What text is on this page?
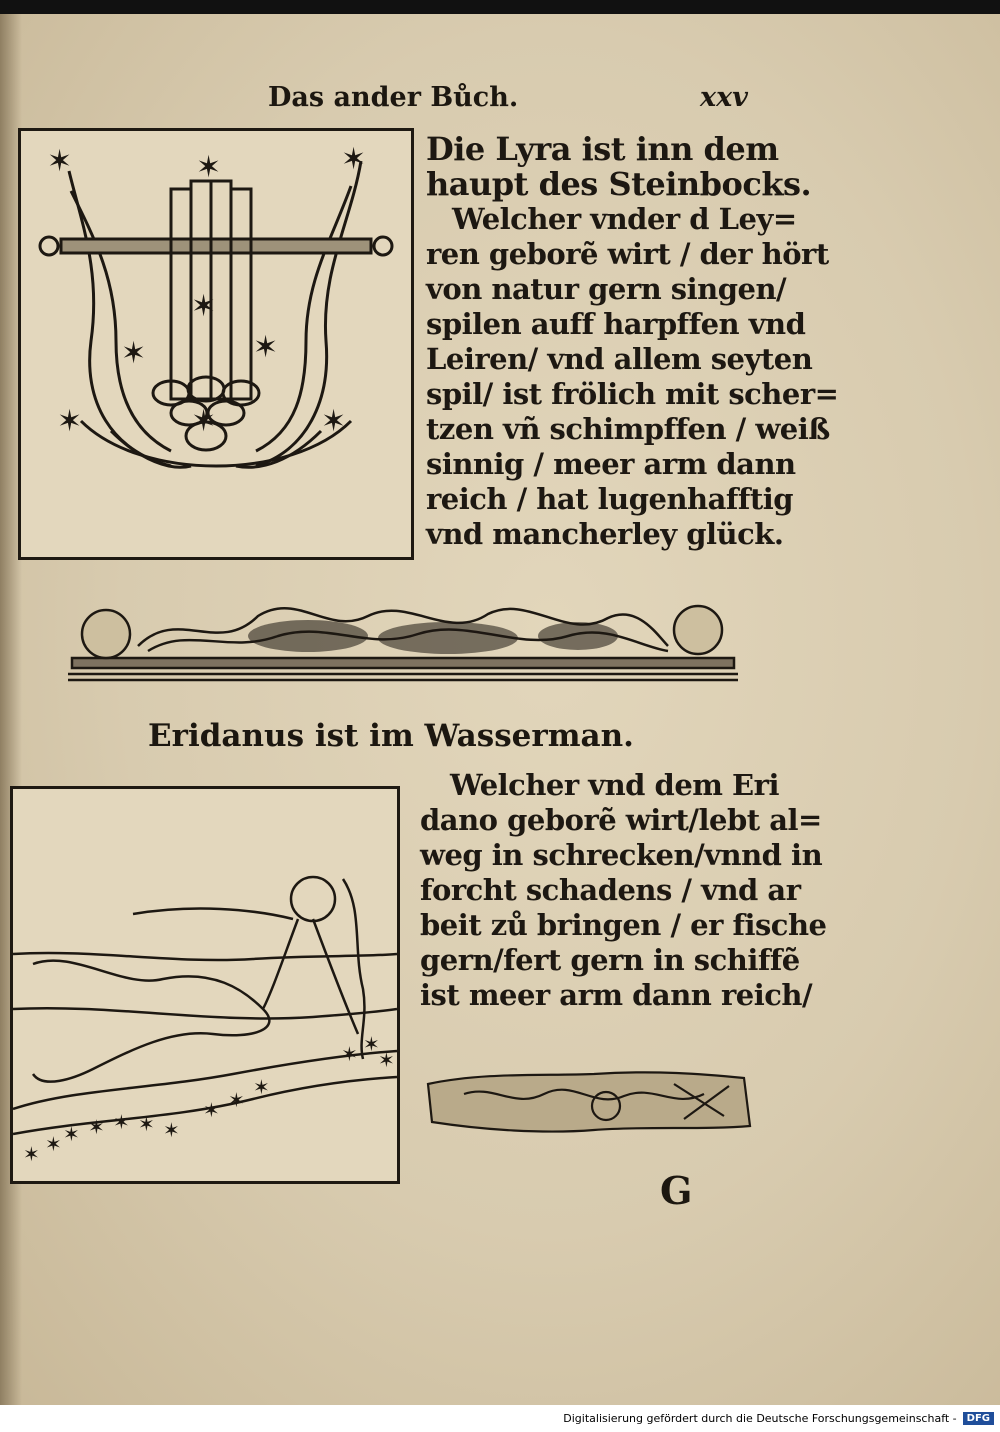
Das ander Bůch.	xxv
✶	✶	✶
✶	✶
✶
✶	✶
✶
Die Lyra ist inn dem
haupt des Steinbocks.
Welcher vnder d Ley=
ren geborẽ wirt / der hört
von natur gern singen/
spilen auff harpffen vnd
Leiren/ vnd allem seyten
spil/ ist frölich mit scher=
tzen vñ schimpffen / weiß
sinnig / meer arm dann
reich / hat lugenhafftig
vnd mancherley glück.
Eridanus ist im Wasserman.
✶ ✶
✶
✶ ✶
✶
✶ ✶ ✶ ✶ ✶
✶ ✶
Welcher vnd dem Eri
dano geborẽ wirt/lebt al=
weg in schrecken/vnnd in
forcht schadens / vnd ar
beit zů bringen / er fische
gern/fert gern in schiffẽ
ist meer arm dann reich/
G
Digitalisierung gefördert durch die Deutsche Forschungsgemeinschaft -	DFG
